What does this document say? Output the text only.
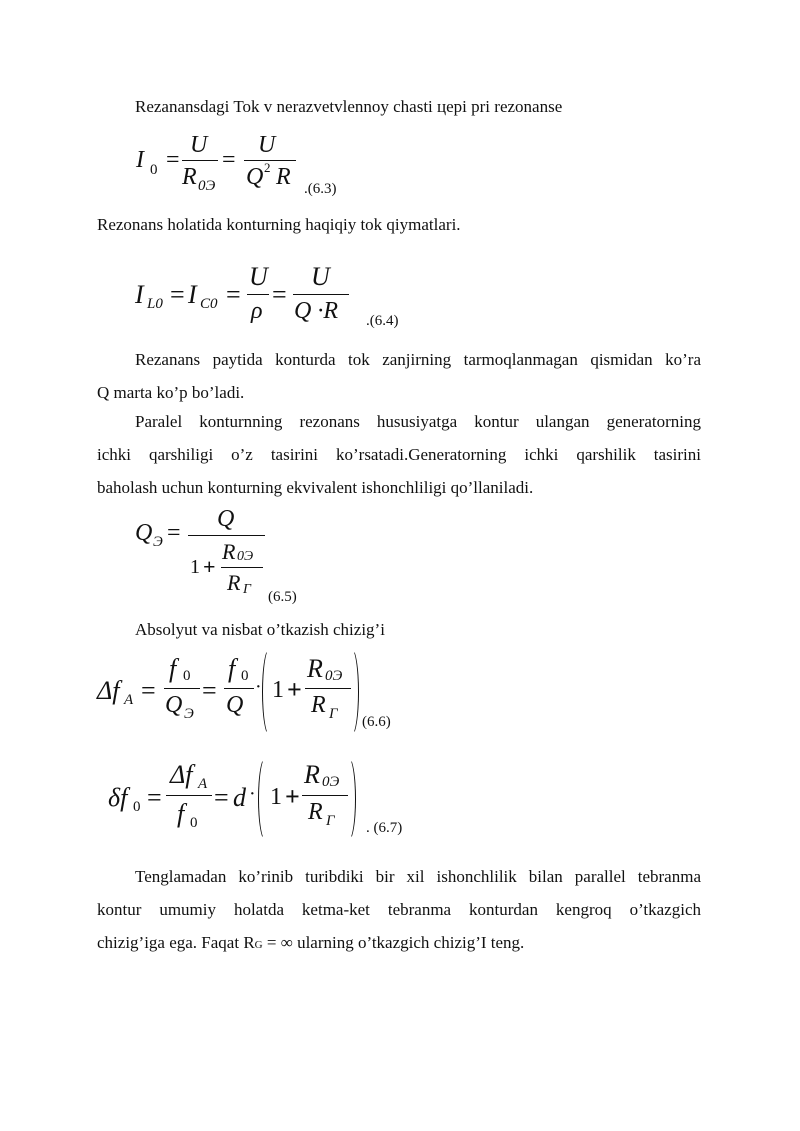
Rezanansdagi Tok v nerazvetvlennoy chasti цepi pri rezonanse
I 0 =
U
R 0Э
=
U
Q 2 R .(6.3)
Rezonans holatida konturning haqiqiy tok qiymatlari.
I L0 = I C0 =
U
ρ
=
U
Q ·R .(6.4)
Rezanans paytida konturda tok zanjirning tarmoqlanmagan qismidan ko’ra
Q marta ko’p bo’ladi.
Paralel konturnning rezonans hususiyatga kontur ulangan generatorning
ichki qarshiligi o’z tasirini ko’rsatadi.Generatorning ichki qarshilik tasirini
baholash uchun konturning ekvivalent ishonchliligi qo’llaniladi.
Q Э =
Q
1 +
R 0Э
R Г (6.5)
Absolyut va nisbat o’tkazish chizig’i
Δf A =
f 0
Q Э
=
f 0
Q
· 1 +
R 0Э
R Г (6.6)
δf 0 =
Δf A
f 0
= d · 1 +
R 0Э
R Г . (6.7)
Tenglamadan ko’rinib turibdiki bir xil ishonchlilik bilan parallel tebranma
kontur umumiy holatda ketma-ket tebranma konturdan kengroq o’tkazgich
chizig’iga ega. Faqat RG = ∞ ularning o’tkazgich chizig’I teng.
